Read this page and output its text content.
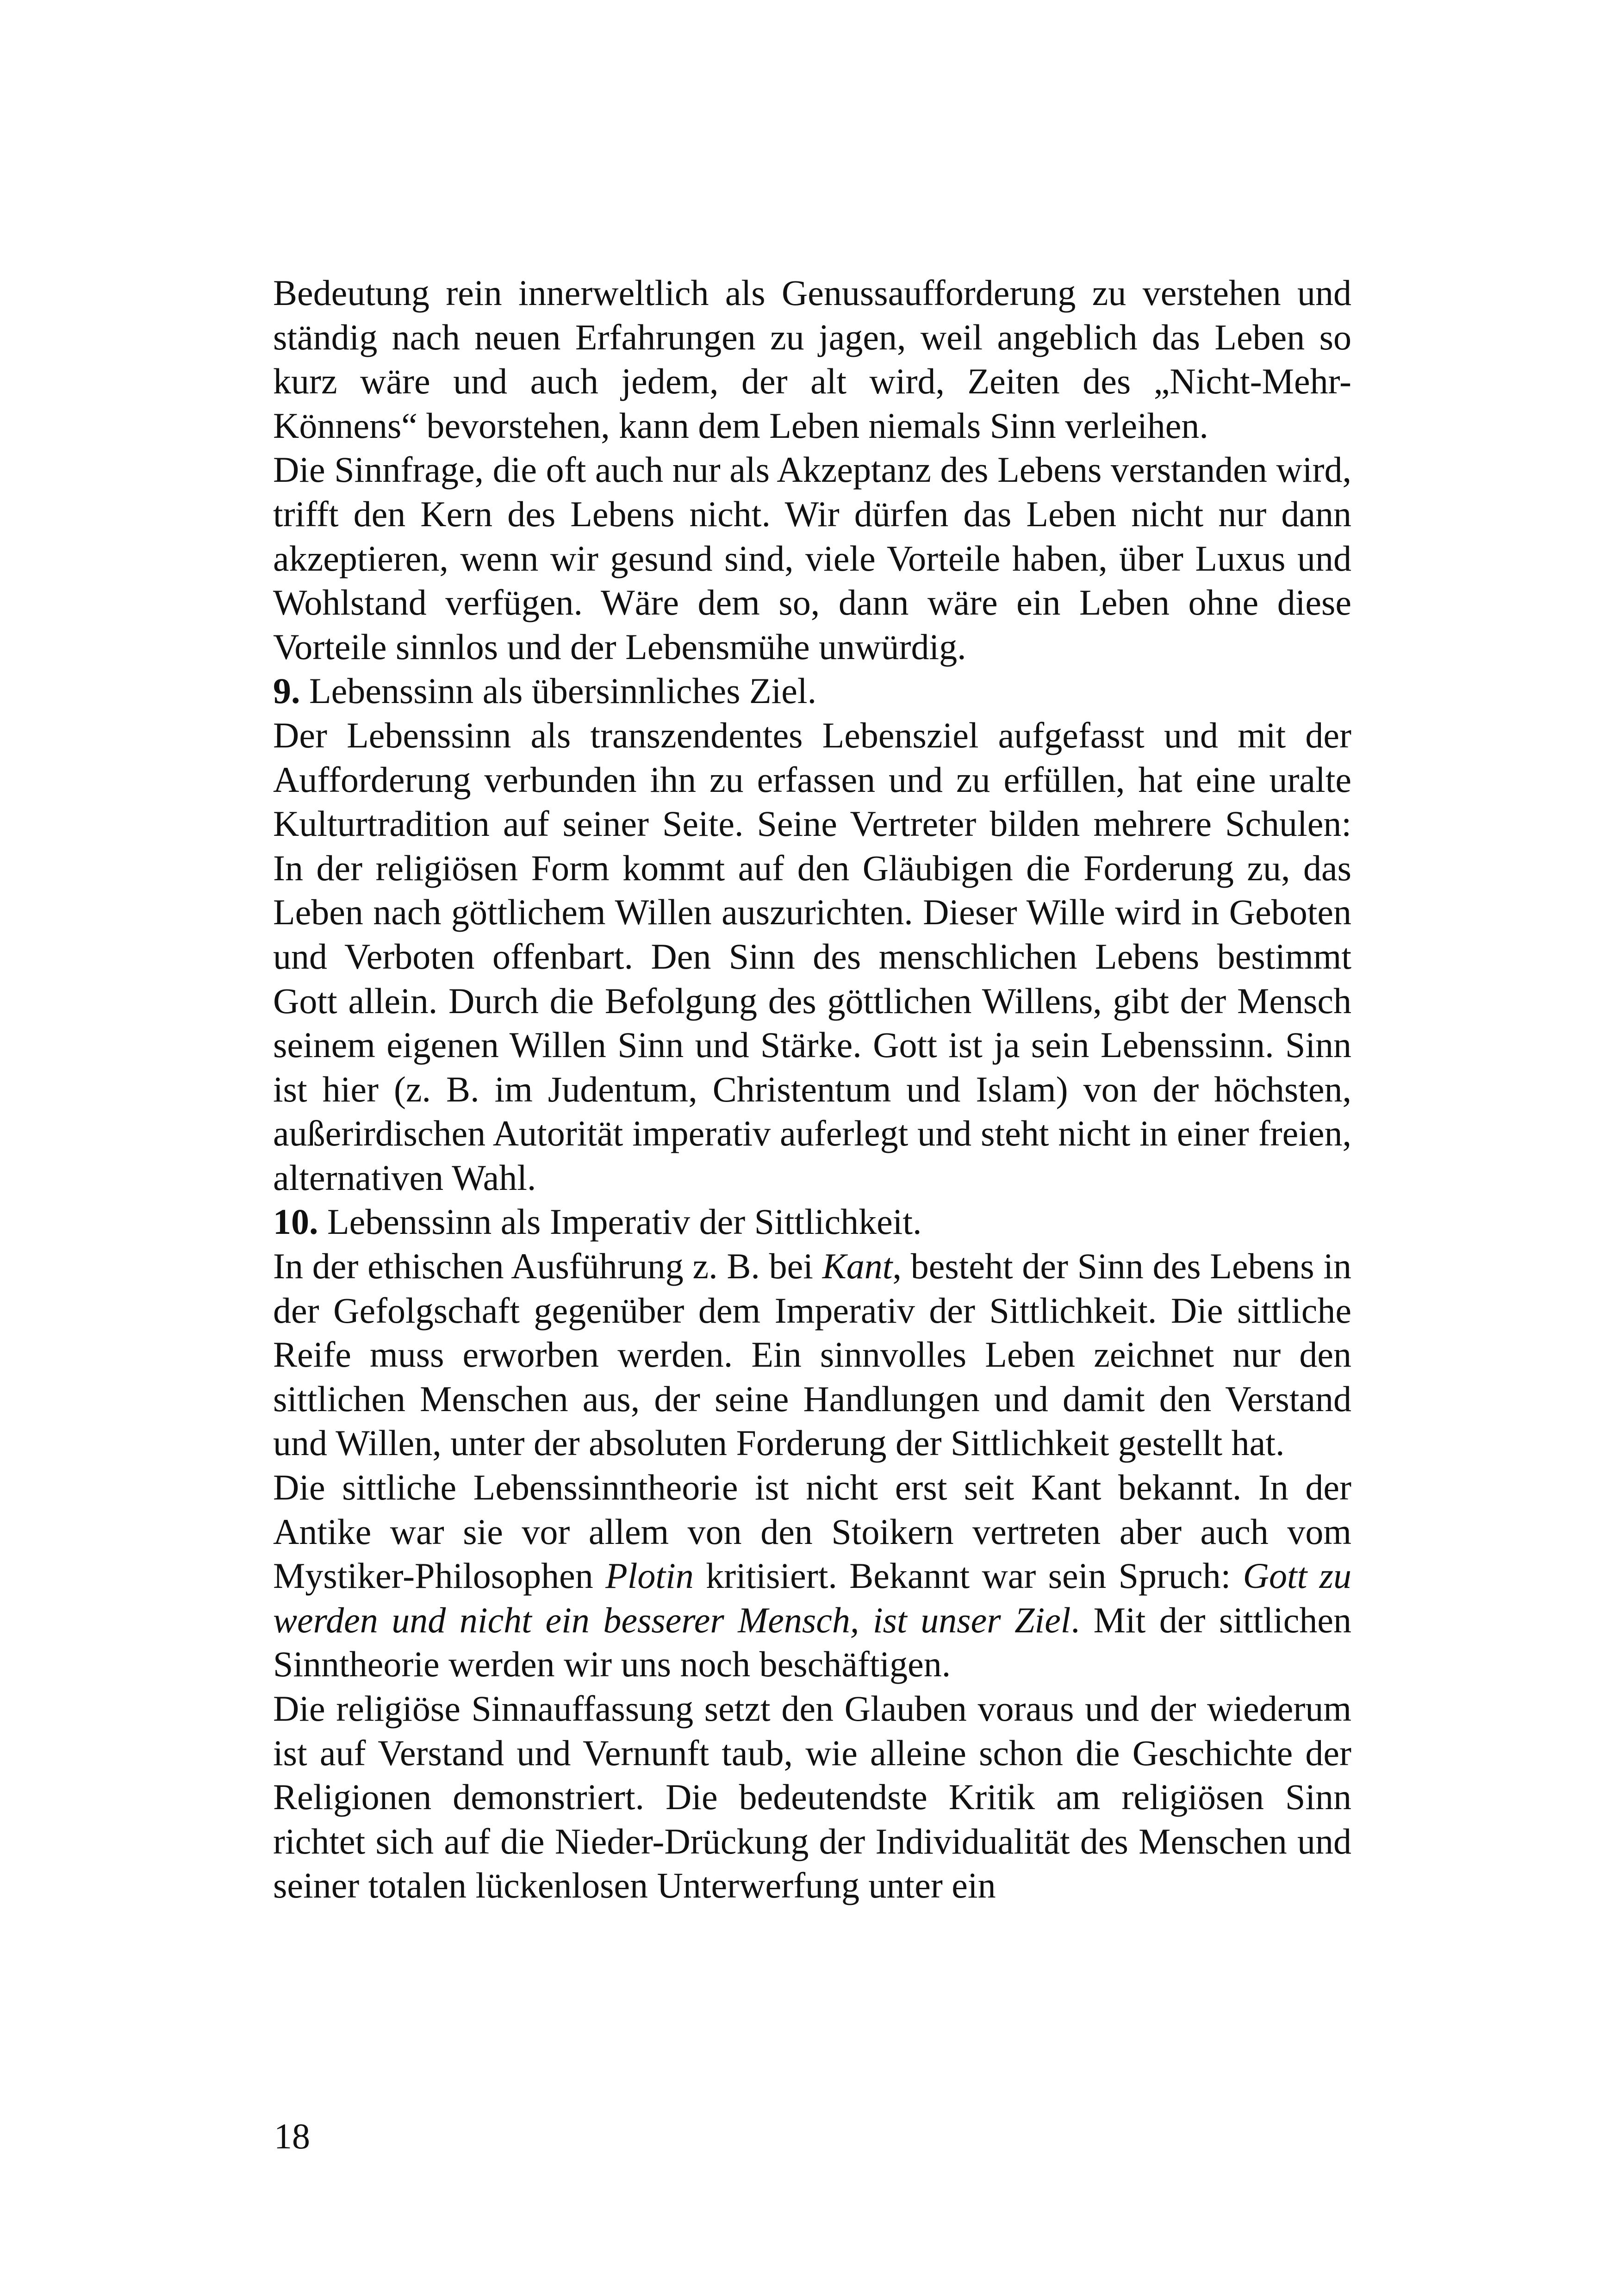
Bedeutung rein innerweltlich als Genussaufforderung zu verstehen und ständig nach neuen Erfahrungen zu jagen, weil angeblich das Leben so kurz wäre und auch jedem, der alt wird, Zeiten des „Nicht-Mehr-Könnens“ bevorstehen, kann dem Leben niemals Sinn verleihen.

Die Sinnfrage, die oft auch nur als Akzeptanz des Lebens verstanden wird, trifft den Kern des Lebens nicht. Wir dürfen das Leben nicht nur dann akzeptieren, wenn wir gesund sind, viele Vorteile haben, über Luxus und Wohlstand verfügen. Wäre dem so, dann wäre ein Leben ohne diese Vorteile sinnlos und der Lebensmühe unwürdig.

9. Lebenssinn als übersinnliches Ziel.

Der Lebenssinn als transzendentes Lebensziel aufgefasst und mit der Aufforderung verbunden ihn zu erfassen und zu erfüllen, hat eine uralte Kulturtradition auf seiner Seite. Seine Vertreter bilden mehrere Schulen: In der religiösen Form kommt auf den Gläubigen die Forderung zu, das Leben nach göttlichem Willen auszurichten. Dieser Wille wird in Geboten und Verboten offenbart. Den Sinn des menschlichen Lebens bestimmt Gott allein. Durch die Befolgung des göttlichen Willens, gibt der Mensch seinem eigenen Willen Sinn und Stärke. Gott ist ja sein Lebenssinn. Sinn ist hier (z. B. im Judentum, Christentum und Islam) von der höchsten, außerirdischen Autorität imperativ auferlegt und steht nicht in einer freien, alternativen Wahl.

10. Lebenssinn als Imperativ der Sittlichkeit.

In der ethischen Ausführung z. B. bei Kant, besteht der Sinn des Lebens in der Gefolgschaft gegenüber dem Imperativ der Sittlichkeit. Die sittliche Reife muss erworben werden. Ein sinnvolles Leben zeichnet nur den sittlichen Menschen aus, der seine Handlungen und damit den Verstand und Willen, unter der absoluten Forderung der Sittlichkeit gestellt hat.

Die sittliche Lebenssinntheorie ist nicht erst seit Kant bekannt. In der Antike war sie vor allem von den Stoikern vertreten aber auch vom Mystiker-Philosophen Plotin kritisiert. Bekannt war sein Spruch: Gott zu werden und nicht ein besserer Mensch, ist unser Ziel. Mit der sittlichen Sinntheorie werden wir uns noch beschäftigen.

Die religiöse Sinnauffassung setzt den Glauben voraus und der wiederum ist auf Verstand und Vernunft taub, wie alleine schon die Geschichte der Religionen demonstriert. Die bedeutendste Kritik am religiösen Sinn richtet sich auf die Nieder-Drückung der Individualität des Menschen und seiner totalen lückenlosen Unterwerfung unter ein

18
